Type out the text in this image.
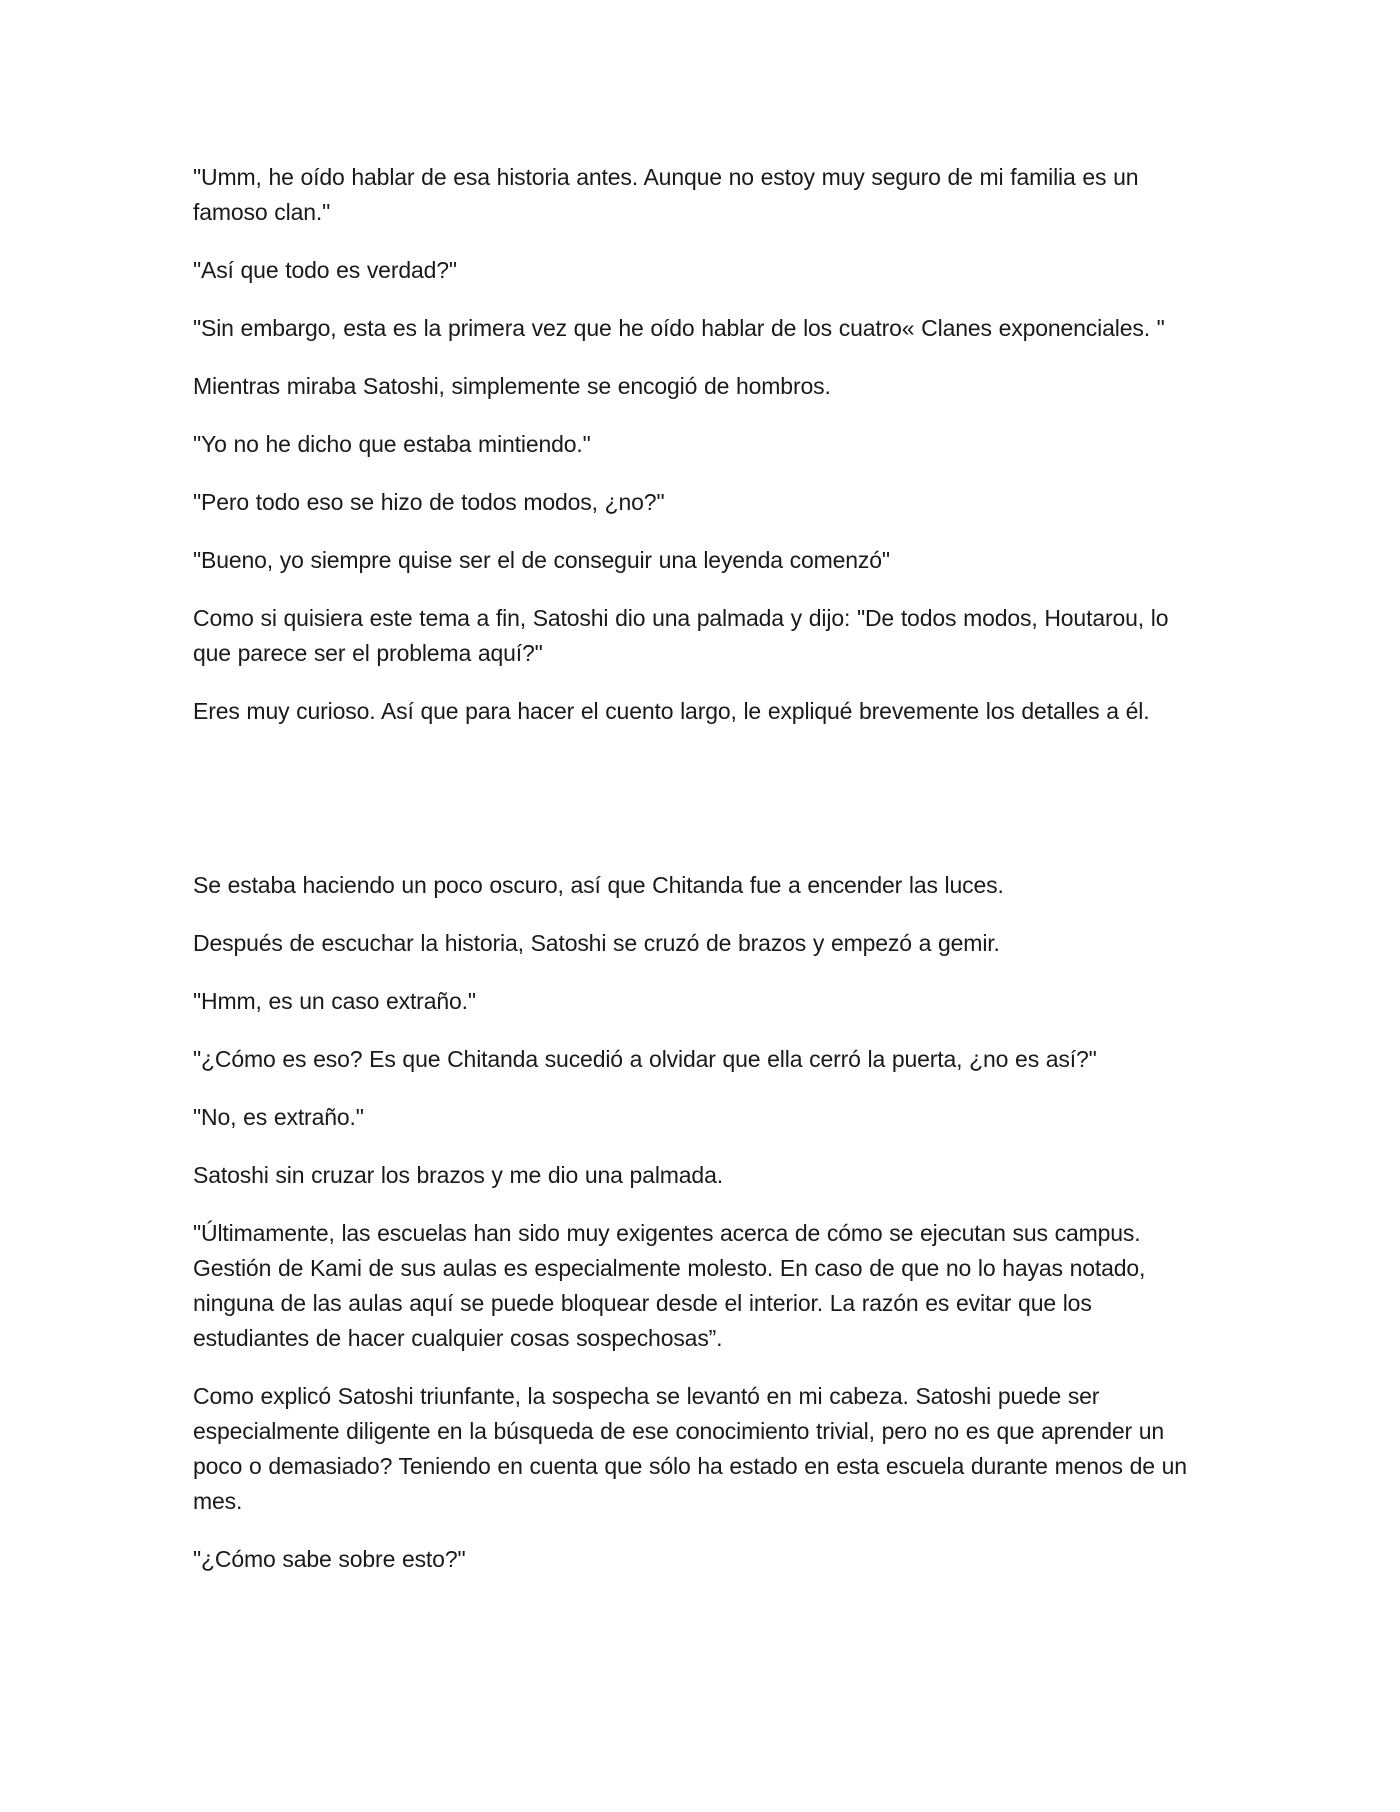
"Umm, he oído hablar de esa historia antes. Aunque no estoy muy seguro de mi familia es un famoso clan."

"Así que todo es verdad?"

"Sin embargo, esta es la primera vez que he oído hablar de los cuatro« Clanes exponenciales. "

Mientras miraba Satoshi, simplemente se encogió de hombros.

"Yo no he dicho que estaba mintiendo."

"Pero todo eso se hizo de todos modos, ¿no?"

"Bueno, yo siempre quise ser el de conseguir una leyenda comenzó"

Como si quisiera este tema a fin, Satoshi dio una palmada y dijo: "De todos modos, Houtarou, lo que parece ser el problema aquí?"

Eres muy curioso. Así que para hacer el cuento largo, le expliqué brevemente los detalles a él.

Se estaba haciendo un poco oscuro, así que Chitanda fue a encender las luces.

Después de escuchar la historia, Satoshi se cruzó de brazos y empezó a gemir.

"Hmm, es un caso extraño."

"¿Cómo es eso? Es que Chitanda sucedió a olvidar que ella cerró la puerta, ¿no es así?"

"No, es extraño."

Satoshi sin cruzar los brazos y me dio una palmada.

"Últimamente, las escuelas han sido muy exigentes acerca de cómo se ejecutan sus campus. Gestión de Kami de sus aulas es especialmente molesto. En caso de que no lo hayas notado, ninguna de las aulas aquí se puede bloquear desde el interior. La razón es evitar que los estudiantes de hacer cualquier cosas sospechosas”.

Como explicó Satoshi triunfante, la sospecha se levantó en mi cabeza. Satoshi puede ser especialmente diligente en la búsqueda de ese conocimiento trivial, pero no es que aprender un poco o demasiado? Teniendo en cuenta que sólo ha estado en esta escuela durante menos de un mes.

"¿Cómo sabe sobre esto?"
